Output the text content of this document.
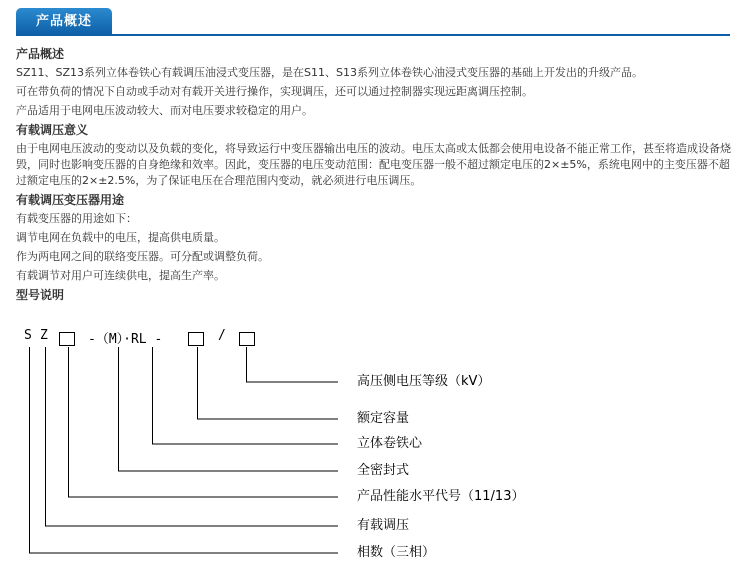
产品概述
产品概述
SZ11、SZ13系列立体卷铁心有载调压油浸式变压器，是在S11、S13系列立体卷铁心油浸式变压器的基础上开发出的升级产品。
可在带负荷的情况下自动或手动对有载开关进行操作，实现调压，还可以通过控制器实现远距离调压控制。
产品适用于电网电压波动较大、而对电压要求较稳定的用户。
有载调压意义
由于电网电压波动的变动以及负载的变化，将导致运行中变压器输出电压的波动。电压太高或太低都会使用电设备不能正常工作，甚至将造成设备烧毁，同时也影响变压器的自身绝缘和效率。因此，变压器的电压变动范围：配电变压器一般不超过额定电压的2×±5%，系统电网中的主变压器不超过额定电压的2×±2.5%，为了保证电压在合理范围内变动，就必须进行电压调压。
有载调压变压器用途
有载变压器的用途如下：
调节电网在负载中的电压，提高供电质量。
作为两电网之间的联络变压器。可分配或调整负荷。
有载调节对用户可连续供电，提高生产率。
型号说明
S Z	-（M）·RL -	/
高压侧电压等级（kV）
额定容量
立体卷铁心
全密封式
产品性能水平代号（11/13）
有载调压
相数（三相）
